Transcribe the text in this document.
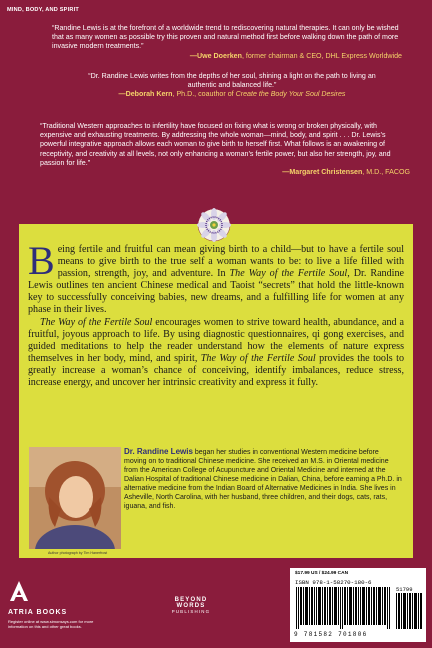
MIND, BODY, AND SPIRIT
“Randine Lewis is at the forefront of a worldwide trend to rediscovering natural therapies. It can only be wished that as many women as possible try this proven and natural method first before walking down the path of more invasive modern treatments.”
—Uwe Doerken, former chairman & CEO, DHL Express Worldwide
“Dr. Randine Lewis writes from the depths of her soul, shining a light on the path to living an authentic and balanced life.”
—Deborah Kern, Ph.D., coauthor of Create the Body Your Soul Desires
“Traditional Western approaches to infertility have focused on fixing what is wrong or broken physically, with expensive and exhausting treatments. By addressing the whole woman—mind, body, and spirit . . . Dr. Lewis’s powerful integrative approach allows each woman to give birth to herself first. What follows is an awakening of receptivity, and creativity at all levels, not only enhancing a woman’s fertile power, but also her strength, joy, and passion for life.”
—Margaret Christensen, M.D., FACOG

Being fertile and fruitful can mean giving birth to a child—but to have a fertile soul means to give birth to the true self a woman wants to be: to live a life filled with passion, strength, joy, and adventure. In The Way of the Fertile Soul, Dr. Randine Lewis outlines ten ancient Chinese medical and Taoist “secrets” that hold the little-known key to successfully conceiving babies, new dreams, and a fulfilling life for women at any phase in their lives.

The Way of the Fertile Soul encourages women to strive toward health, abundance, and a fruitful, joyous approach to life. By using diagnostic questionnaires, qi gong exercises, and guided meditations to help the reader understand how the elements of nature express themselves in her body, mind, and spirit, The Way of the Fertile Soul provides the tools to greatly increase a woman’s chance of conceiving, identify imbalances, reduce stress, increase energy, and uncover her intrinsic creativity and express it fully.

Author photograph by Tim Hanerfrost
Dr. Randine Lewis began her studies in conventional Western medicine before moving on to traditional Chinese medicine. She received an M.S. in Oriental medicine from the American College of Acupuncture and Oriental Medicine and interned at the Dalian Hospital of traditional Chinese medicine in Dalian, China, before earning a Ph.D. in alternative medicine from the Indian Board of Alternative Medicines in India. She lives in Asheville, North Carolina, with her husband, three children, and their dogs, cats, rats, iguana, and fish.
ATRIA BOOKS
Register online at www.simonsays.com for more information on this and other great books.
BEYOND WORDS
PUBLISHING
$17.99 US / $24.99 CAN
ISBN 978-1-58270-180-6
51799
9 781582 701806
